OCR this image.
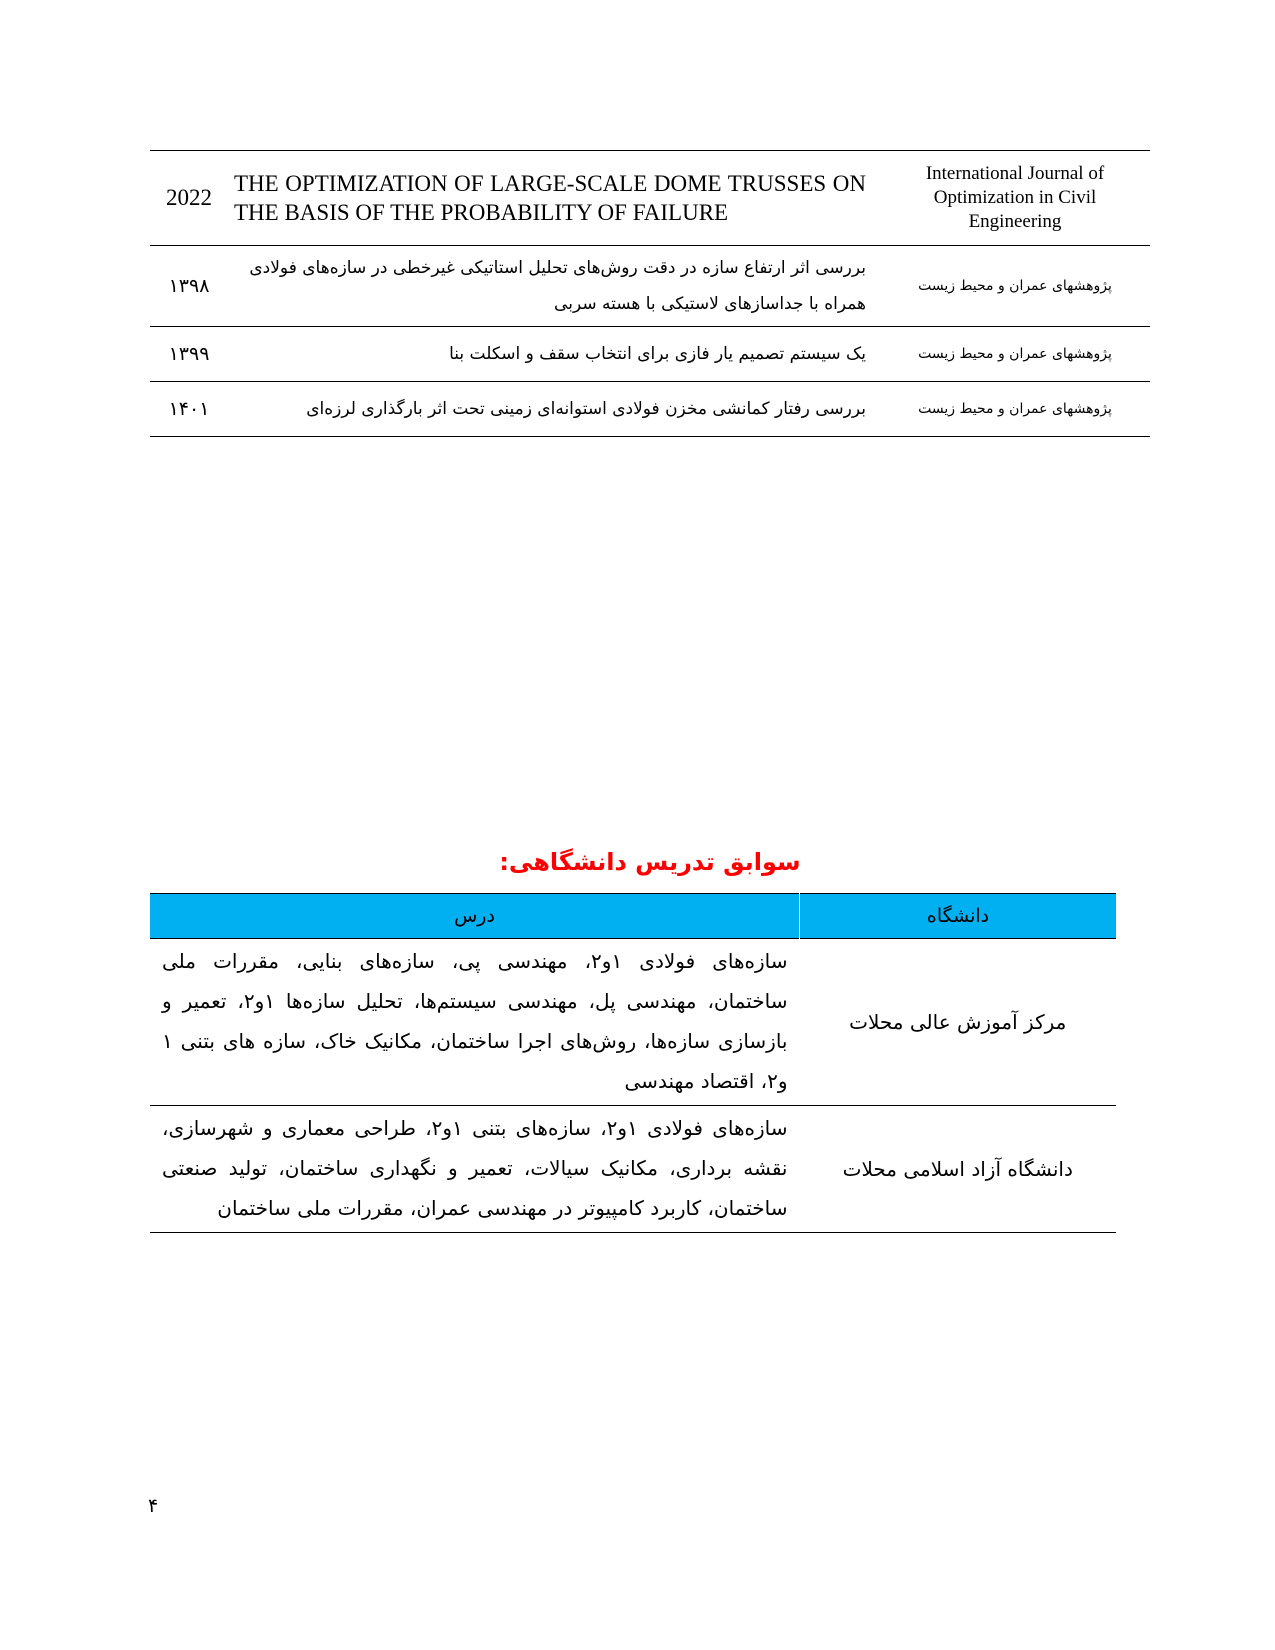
2022	THE OPTIMIZATION OF LARGE-SCALE DOME TRUSSES ON THE BASIS OF THE PROBABILITY OF FAILURE	International Journal of Optimization in Civil Engineering
۱۳۹۸	بررسی اثر ارتفاع سازه در دقت روش‌های تحلیل استاتیکی غیرخطی در سازه‌های فولادی همراه با جداسازهای لاستیکی با هسته سربی	پژوهشهای عمران و محیط زیست
۱۳۹۹	یک سیستم تصمیم یار فازی برای انتخاب سقف و اسکلت بنا	پژوهشهای عمران و محیط زیست
۱۴۰۱	بررسی رفتار کمانشی مخزن فولادی استوانه‌ای زمینی تحت اثر بارگذاری لرزه‌ای	پژوهشهای عمران و محیط زیست
سوابق تدریس دانشگاهی:
دانشگاه	درس
مرکز آموزش عالی محلات	سازه‌های فولادی ۱و۲، مهندسی پی، سازه‌های بنایی، مقررات ملی ساختمان، مهندسی پل، مهندسی سیستم‌ها، تحلیل سازه‌ها ۱و۲، تعمیر و بازسازی سازه‌ها، روش‌های اجرا ساختمان، مکانیک خاک، سازه های بتنی ۱ و۲، اقتصاد مهندسی
دانشگاه آزاد اسلامی محلات	سازه‌های فولادی ۱و۲، سازه‌های بتنی ۱و۲، طراحی معماری و شهرسازی، نقشه برداری، مکانیک سیالات، تعمیر و نگهداری ساختمان، تولید صنعتی ساختمان، کاربرد کامپیوتر در مهندسی عمران، مقررات ملی ساختمان

۴
